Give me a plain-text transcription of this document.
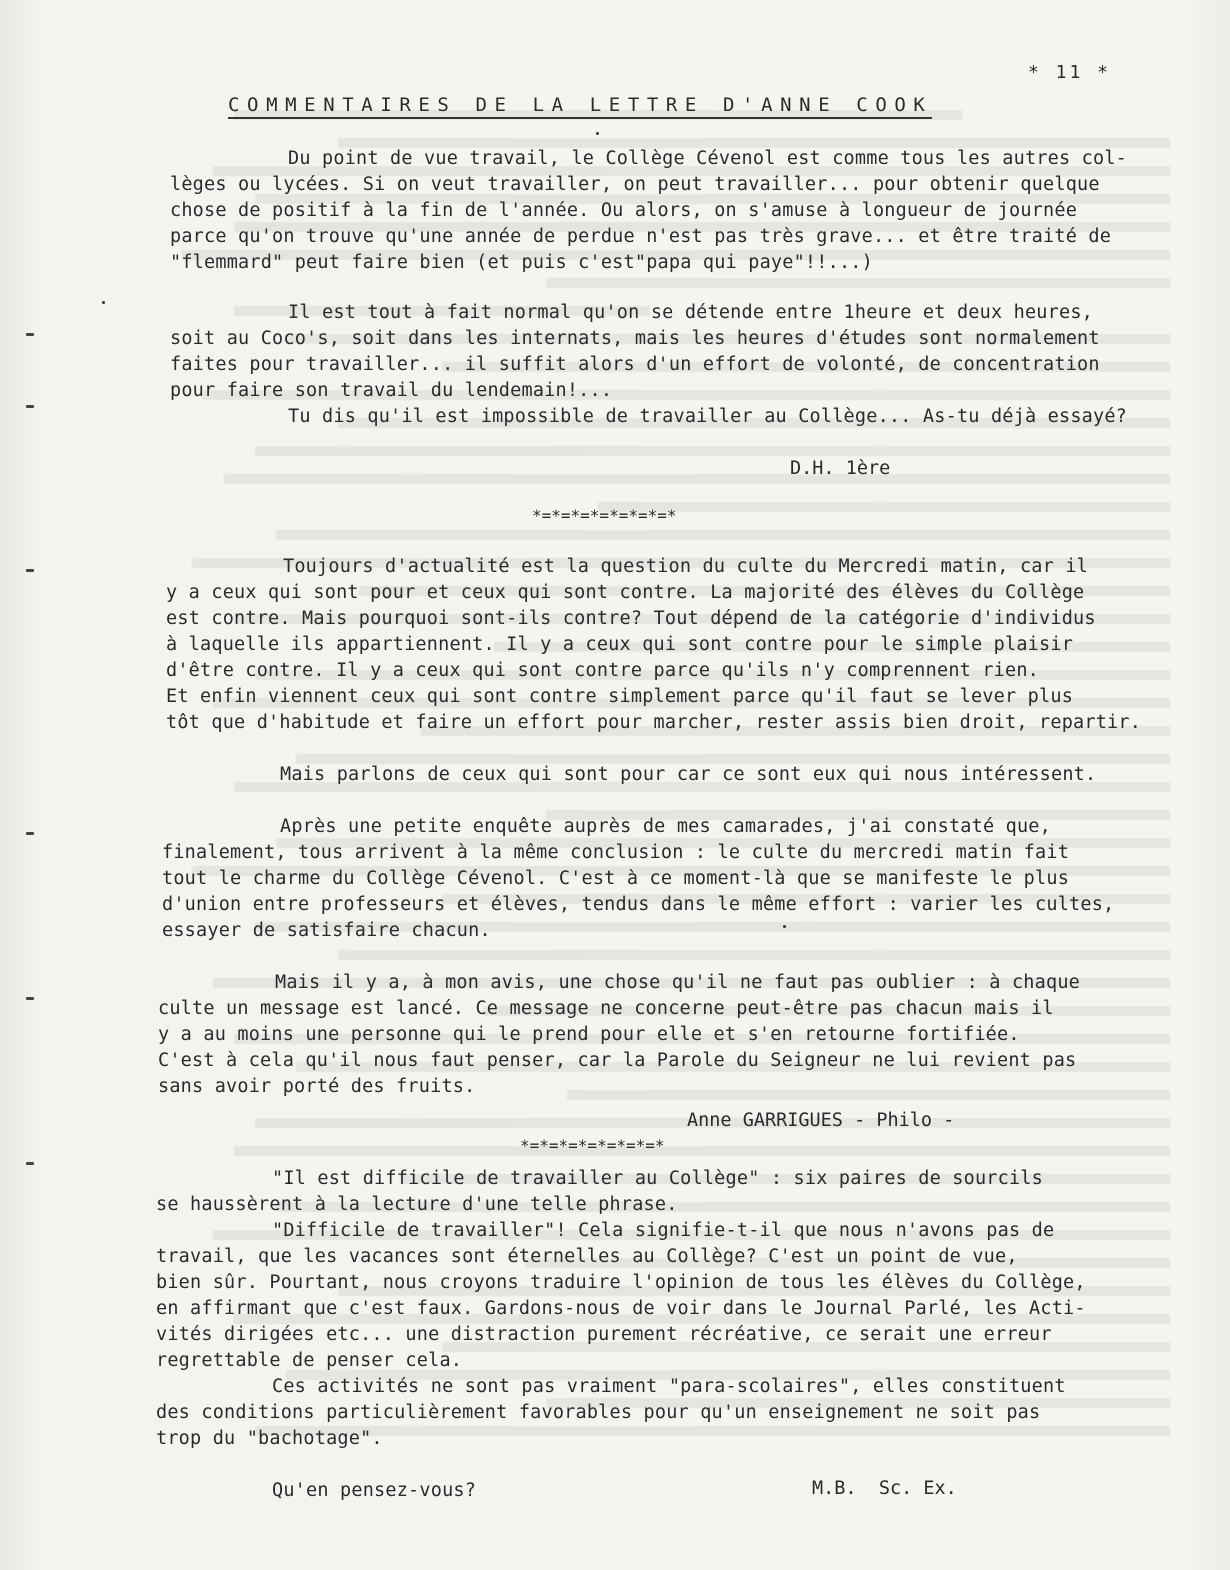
* 11 *
COMMENTAIRES DE LA LETTRE D'ANNE COOK
Du point de vue travail, le Collège Cévenol est comme tous les autres col-
lèges ou lycées. Si on veut travailler, on peut travailler... pour obtenir quelque
chose de positif à la fin de l'année. Ou alors, on s'amuse à longueur de journée
parce qu'on trouve qu'une année de perdue n'est pas très grave... et être traité de
"flemmard" peut faire bien (et puis c'est"papa qui paye"!!...)
Il est tout à fait normal qu'on se détende entre 1heure et deux heures,
soit au Coco's, soit dans les internats, mais les heures d'études sont normalement
faites pour travailler... il suffit alors d'un effort de volonté, de concentration
pour faire son travail du lendemain!...
Tu dis qu'il est impossible de travailler au Collège... As-tu déjà essayé?
D.H. 1ère
*=*=*=*=*=*=*=*
Toujours d'actualité est la question du culte du Mercredi matin, car il
y a ceux qui sont pour et ceux qui sont contre. La majorité des élèves du Collège
est contre. Mais pourquoi sont-ils contre? Tout dépend de la catégorie d'individus
à laquelle ils appartiennent. Il y a ceux qui sont contre pour le simple plaisir
d'être contre. Il y a ceux qui sont contre parce qu'ils n'y comprennent rien.
Et enfin viennent ceux qui sont contre simplement parce qu'il faut se lever plus
tôt que d'habitude et faire un effort pour marcher, rester assis bien droit, repartir.
Mais parlons de ceux qui sont pour car ce sont eux qui nous intéressent.
Après une petite enquête auprès de mes camarades, j'ai constaté que,
finalement, tous arrivent à la même conclusion : le culte du mercredi matin fait
tout le charme du Collège Cévenol. C'est à ce moment-là que se manifeste le plus
d'union entre professeurs et élèves, tendus dans le même effort : varier les cultes,
essayer de satisfaire chacun.
Mais il y a, à mon avis, une chose qu'il ne faut pas oublier : à chaque
culte un message est lancé. Ce message ne concerne peut-être pas chacun mais il
y a au moins une personne qui le prend pour elle et s'en retourne fortifiée.
C'est à cela qu'il nous faut penser, car la Parole du Seigneur ne lui revient pas
sans avoir porté des fruits.
Anne GARRIGUES - Philo -
*=*=*=*=*=*=*=*
"Il est difficile de travailler au Collège" : six paires de sourcils
se haussèrent à la lecture d'une telle phrase.
"Difficile de travailler"! Cela signifie-t-il que nous n'avons pas de
travail, que les vacances sont éternelles au Collège? C'est un point de vue,
bien sûr. Pourtant, nous croyons traduire l'opinion de tous les élèves du Collège,
en affirmant que c'est faux. Gardons-nous de voir dans le Journal Parlé, les Acti-
vités dirigées etc... une distraction purement récréative, ce serait une erreur
regrettable de penser cela.
Ces activités ne sont pas vraiment "para-scolaires", elles constituent
des conditions particulièrement favorables pour qu'un enseignement ne soit pas
trop du "bachotage".
Qu'en pensez-vous?	M.B.  Sc. Ex.
